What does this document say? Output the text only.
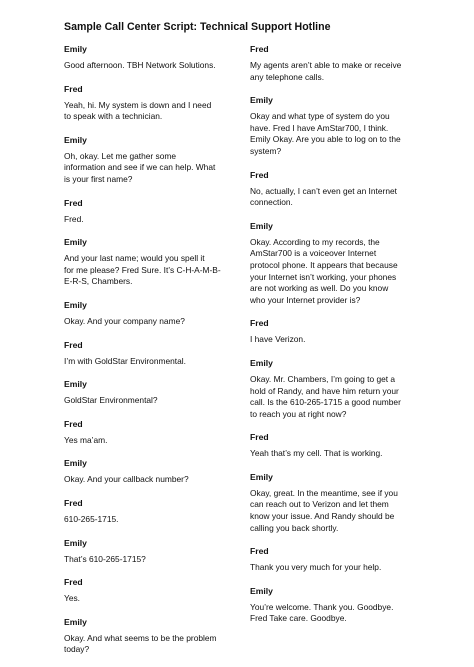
Sample Call Center Script: Technical Support Hotline
Emily
Good afternoon. TBH Network Solutions.
Fred
Yeah, hi. My system is down and I need
to speak with a technician.
Emily
Oh, okay. Let me gather some
information and see if we can help. What
is your first name?
Fred
Fred.
Emily
And your last name; would you spell it
for me please? Fred Sure. It’s C-H-A-M-B-
E-R-S, Chambers.
Emily
Okay. And your company name?
Fred
I’m with GoldStar Environmental.
Emily
GoldStar Environmental?
Fred
Yes ma’am.
Emily
Okay. And your callback number?
Fred
610-265-1715.
Emily
That’s 610-265-1715?
Fred
Yes.
Emily
Okay. And what seems to be the problem
today?
Fred
My agents aren’t able to make or receive
any telephone calls.
Emily
Okay and what type of system do you
have. Fred I have AmStar700, I think.
Emily Okay. Are you able to log on to the
system?
Fred
No, actually, I can’t even get an Internet
connection.
Emily
Okay. According to my records, the
AmStar700 is a voiceover Internet
protocol phone. It appears that because
your Internet isn’t working, your phones
are not working as well. Do you know
who your Internet provider is?
Fred
I have Verizon.
Emily
Okay. Mr. Chambers, I’m going to get a
hold of Randy, and have him return your
call. Is the 610-265-1715 a good number
to reach you at right now?
Fred
Yeah that’s my cell. That is working.
Emily
Okay, great. In the meantime, see if you
can reach out to Verizon and let them
know your issue. And Randy should be
calling you back shortly.
Fred
Thank you very much for your help.
Emily
You’re welcome. Thank you. Goodbye.
Fred Take care. Goodbye.
